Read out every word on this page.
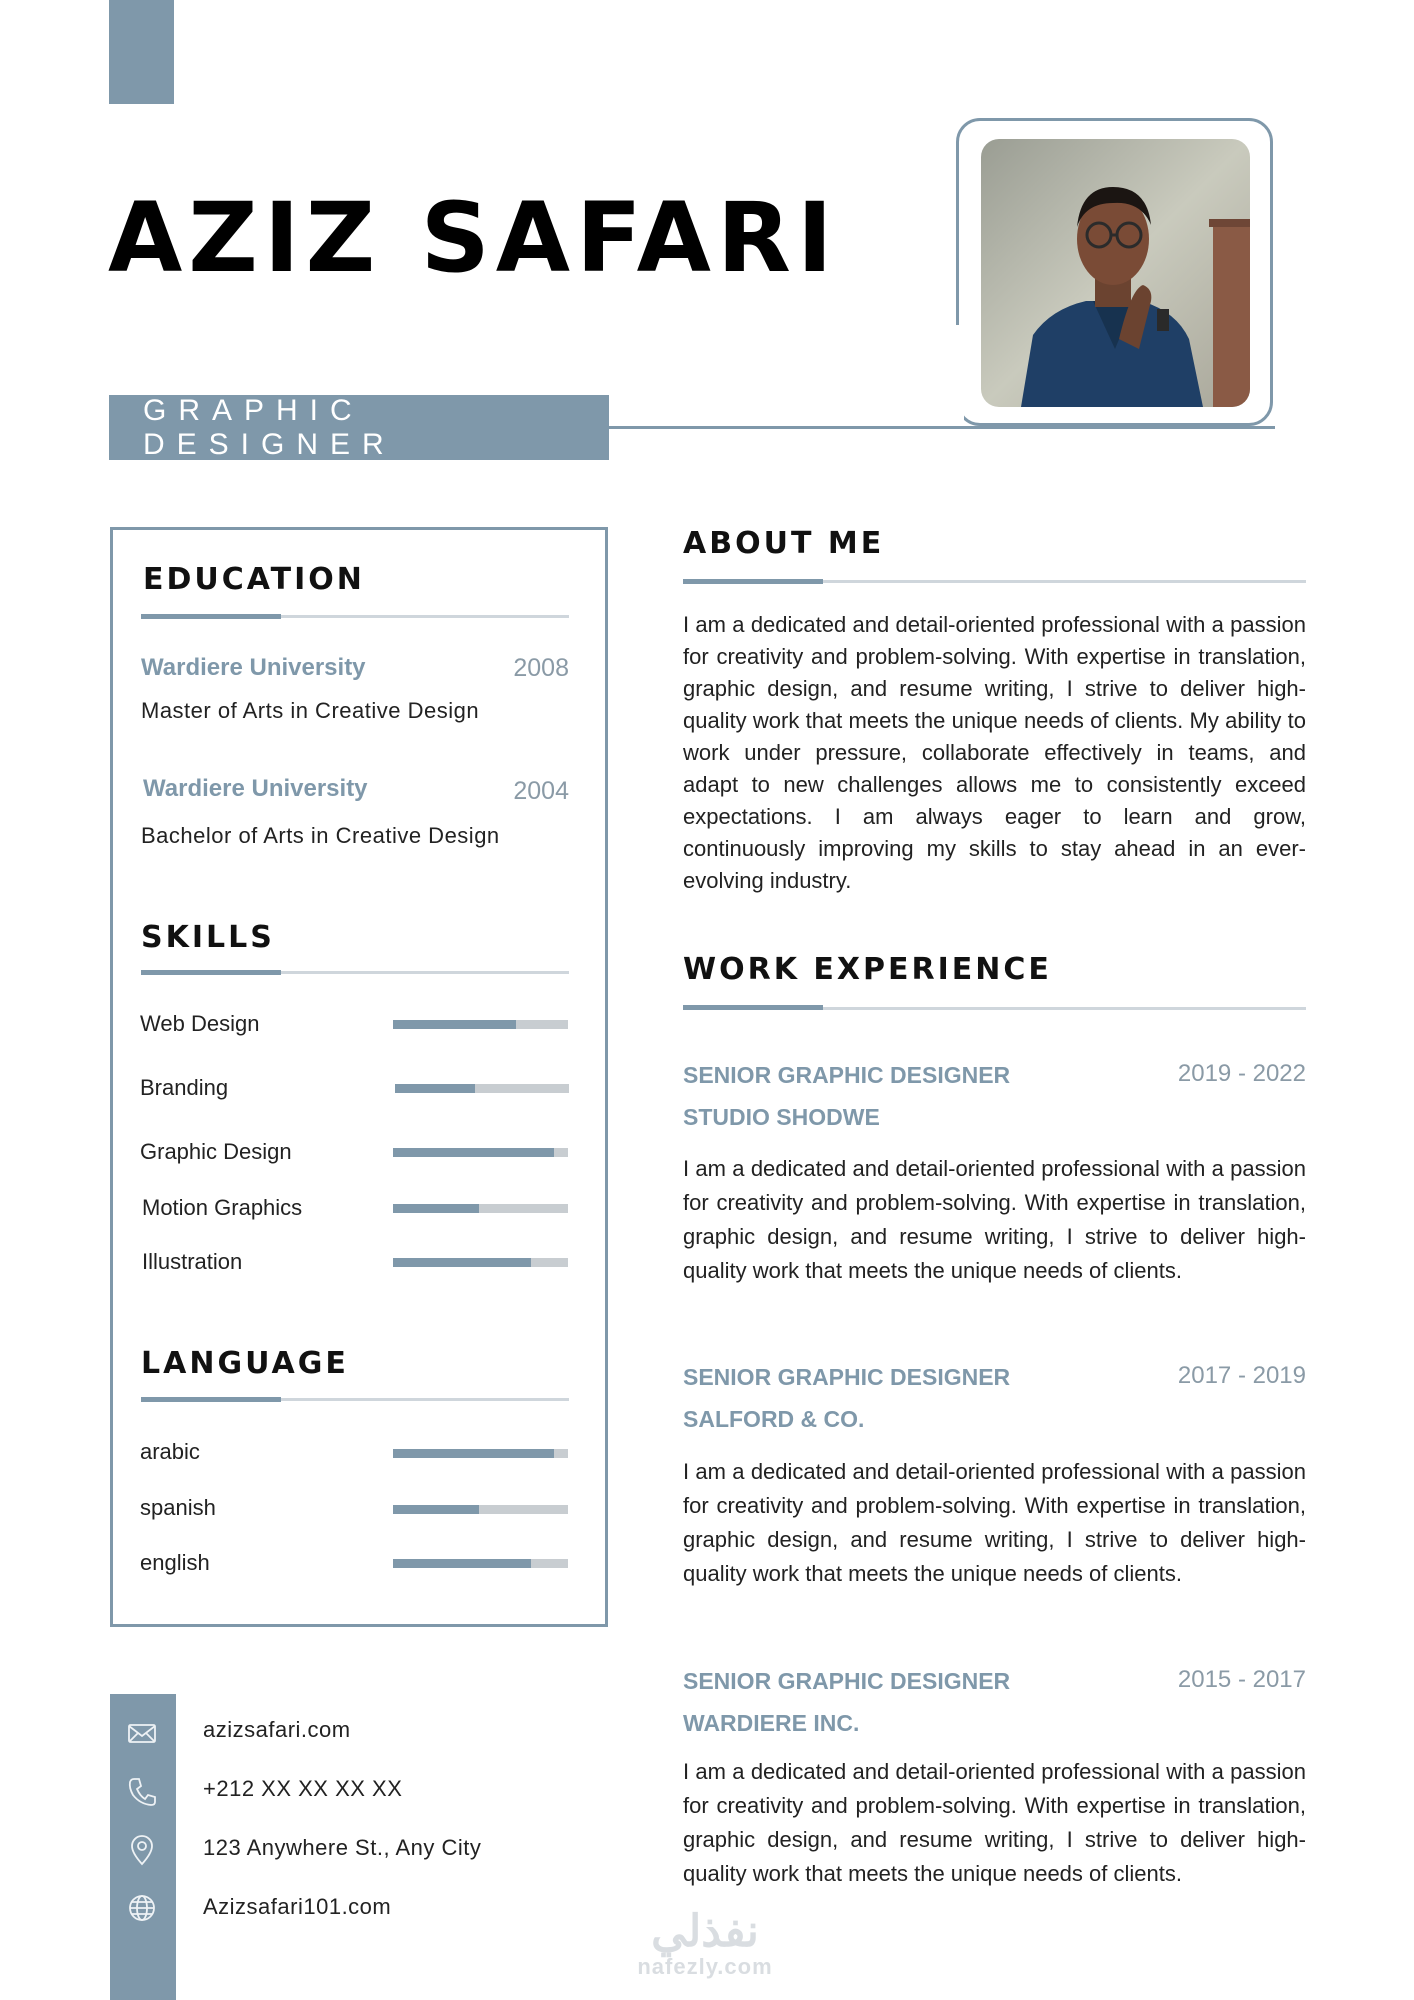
AZIZ SAFARI
GRAPHIC DESIGNER
EDUCATION
Wardiere University	2008
Master of Arts in Creative Design
Wardiere University	2004
Bachelor of Arts in Creative Design
SKILLS
Web Design
Branding
Graphic Design
Motion Graphics
Illustration
LANGUAGE
arabic
spanish
english
azizsafari.com
+212 XX XX XX XX
123 Anywhere St., Any City
Azizsafari101.com
ABOUT ME
I am a dedicated and detail-oriented professional with a passion for creativity and problem-solving. With expertise in translation, graphic design, and resume writing, I strive to deliver high-quality work that meets the unique needs of clients. My ability to work under pressure, collaborate effectively in teams, and adapt to new challenges allows me to consistently exceed expectations. I am always eager to learn and grow, continuously improving my skills to stay ahead in an ever-evolving industry.
WORK EXPERIENCE
SENIOR GRAPHIC DESIGNER	2019 - 2022
STUDIO SHODWE
I am a dedicated and detail-oriented professional with a passion for creativity and problem-solving. With expertise in translation, graphic design, and resume writing, I strive to deliver high-quality work that meets the unique needs of clients.
SENIOR GRAPHIC DESIGNER	2017 - 2019
SALFORD & CO.
I am a dedicated and detail-oriented professional with a passion for creativity and problem-solving. With expertise in translation, graphic design, and resume writing, I strive to deliver high-quality work that meets the unique needs of clients.
SENIOR GRAPHIC DESIGNER	2015 - 2017
WARDIERE INC.
I am a dedicated and detail-oriented professional with a passion for creativity and problem-solving. With expertise in translation, graphic design, and resume writing, I strive to deliver high-quality work that meets the unique needs of clients.
نفذلي
nafezly.com
